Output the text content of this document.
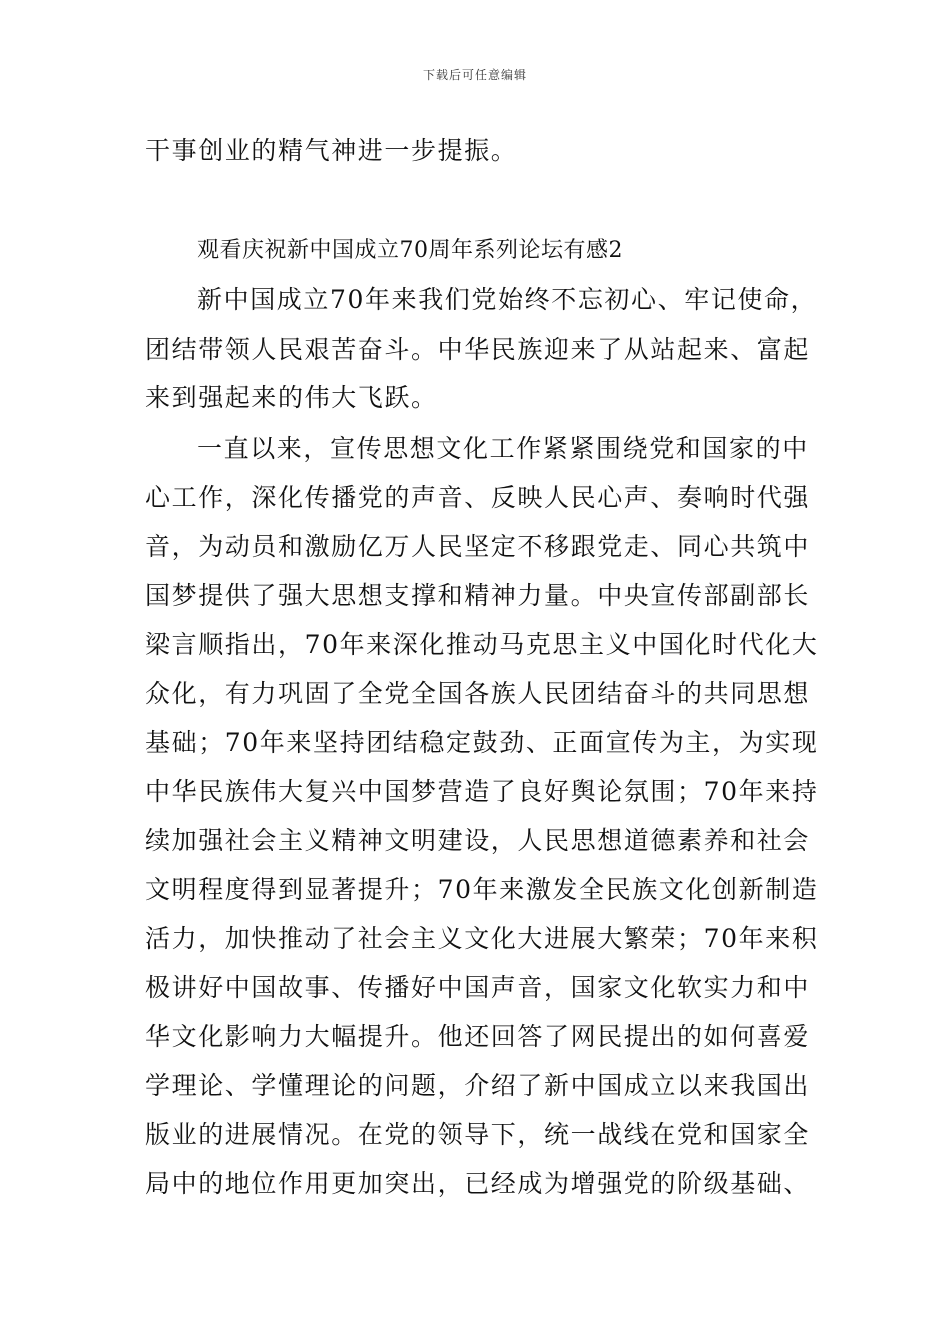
下载后可任意编辑
干事创业的精气神进一步提振。
观看庆祝新中国成立70周年系列论坛有感2
新中国成立70年来我们党始终不忘初心、牢记使命，
团结带领人民艰苦奋斗。中华民族迎来了从站起来、富起
来到强起来的伟大飞跃。
一直以来，宣传思想文化工作紧紧围绕党和国家的中
心工作，深化传播党的声音、反映人民心声、奏响时代强
音，为动员和激励亿万人民坚定不移跟党走、同心共筑中
国梦提供了强大思想支撑和精神力量。中央宣传部副部长
梁言顺指出，70年来深化推动马克思主义中国化时代化大
众化，有力巩固了全党全国各族人民团结奋斗的共同思想
基础；70年来坚持团结稳定鼓劲、正面宣传为主，为实现
中华民族伟大复兴中国梦营造了良好舆论氛围；70年来持
续加强社会主义精神文明建设，人民思想道德素养和社会
文明程度得到显著提升；70年来激发全民族文化创新制造
活力，加快推动了社会主义文化大进展大繁荣；70年来积
极讲好中国故事、传播好中国声音，国家文化软实力和中
华文化影响力大幅提升。他还回答了网民提出的如何喜爱
学理论、学懂理论的问题，介绍了新中国成立以来我国出
版业的进展情况。在党的领导下，统一战线在党和国家全
局中的地位作用更加突出，已经成为增强党的阶级基础、
